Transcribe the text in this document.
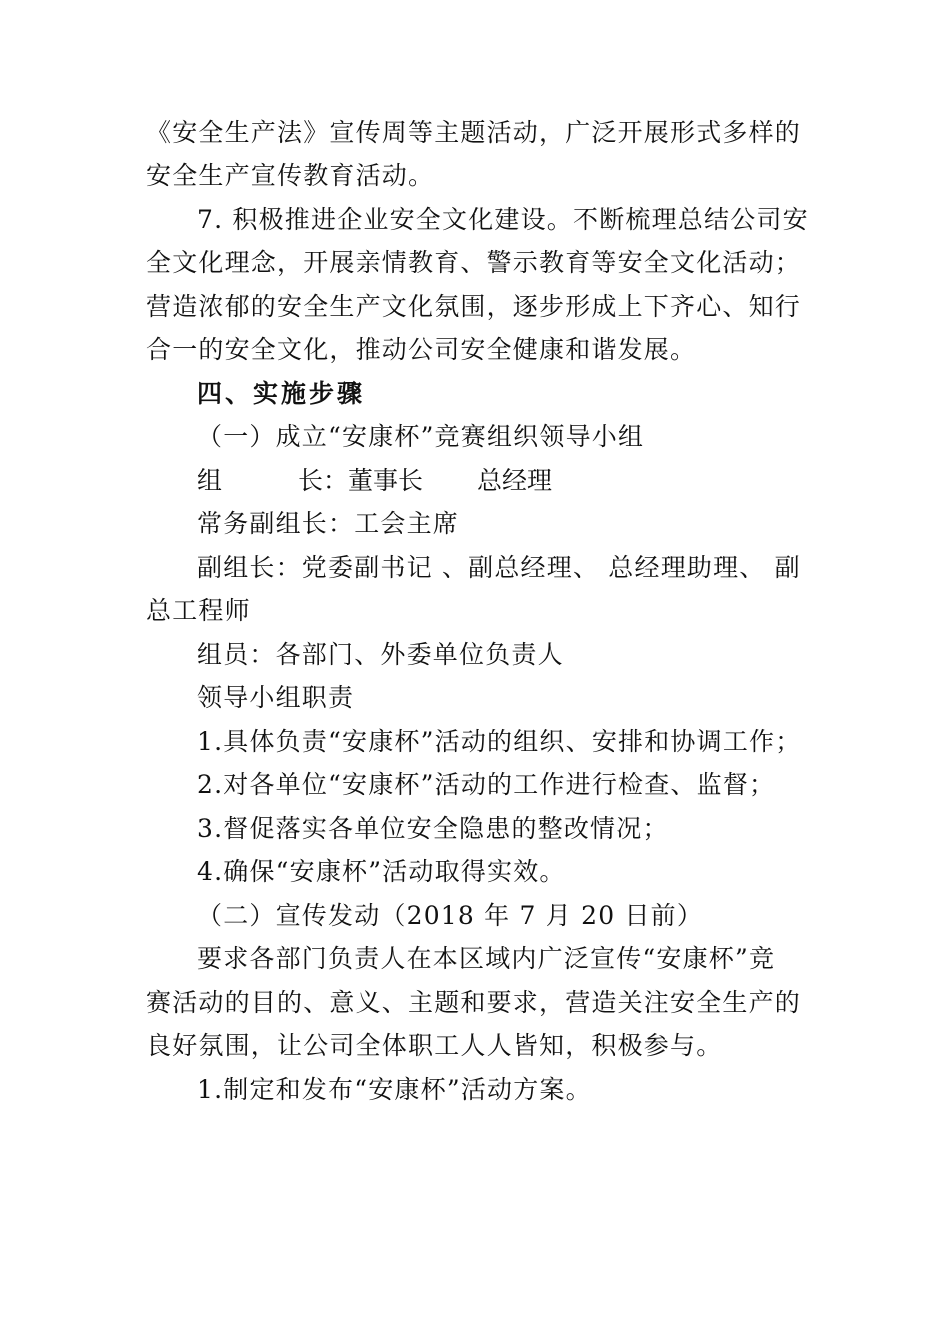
《安全生产法》宣传周等主题活动，广泛开展形式多样的
安全生产宣传教育活动。
7. 积极推进企业安全文化建设。不断梳理总结公司安
全文化理念，开展亲情教育、警示教育等安全文化活动；
营造浓郁的安全生产文化氛围，逐步形成上下齐心、知行
合一的安全文化，推动公司安全健康和谐发展。
四、实施步骤
（一）成立“安康杯”竞赛组织领导小组
组	长：董事长 总经理
常务副组长：工会主席
副组长：党委副书记 、副总经理、 总经理助理、 副
总工程师
组员：各部门、外委单位负责人
领导小组职责
1.具体负责“安康杯”活动的组织、安排和协调工作；
2.对各单位“安康杯”活动的工作进行检查、监督；
3.督促落实各单位安全隐患的整改情况；
4.确保“安康杯”活动取得实效。
（二）宣传发动（2018 年 7 月 20 日前）
要求各部门负责人在本区域内广泛宣传“安康杯”竞
赛活动的目的、意义、主题和要求，营造关注安全生产的
良好氛围，让公司全体职工人人皆知，积极参与。
1.制定和发布“安康杯”活动方案。
